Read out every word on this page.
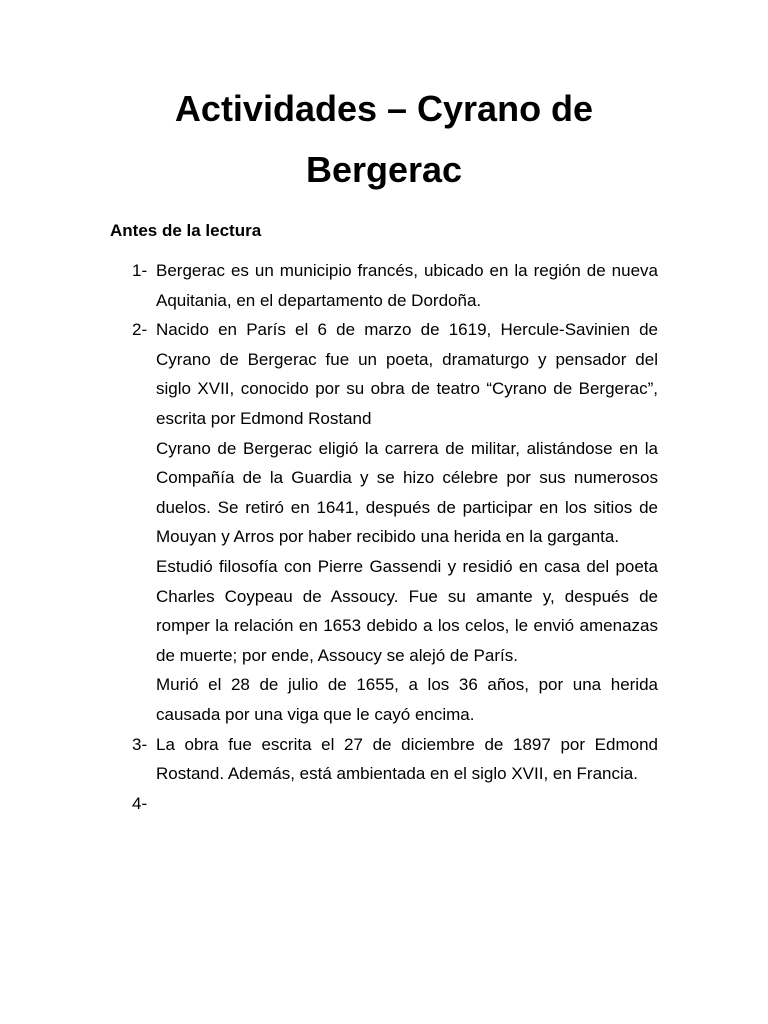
Actividades – Cyrano de Bergerac
Antes de la lectura
1- Bergerac es un municipio francés, ubicado en la región de nueva Aquitania, en el departamento de Dordoña.

2- Nacido en París el 6 de marzo de 1619, Hercule-Savinien de Cyrano de Bergerac fue un poeta, dramaturgo y pensador del siglo XVII, conocido por su obra de teatro “Cyrano de Bergerac”, escrita por Edmond Rostand

Cyrano de Bergerac eligió la carrera de militar, alistándose en la Compañía de la Guardia y se hizo célebre por sus numerosos duelos. Se retiró en 1641, después de participar en los sitios de Mouyan y Arros por haber recibido una herida en la garganta.

Estudió filosofía con Pierre Gassendi y residió en casa del poeta Charles Coypeau de Assoucy. Fue su amante y, después de romper la relación en 1653 debido a los celos, le envió amenazas de muerte; por ende, Assoucy se alejó de París.

Murió el 28 de julio de 1655, a los 36 años, por una herida causada por una viga que le cayó encima.

3- La obra fue escrita el 27 de diciembre de 1897 por Edmond Rostand. Además, está ambientada en el siglo XVII, en Francia.

4-
